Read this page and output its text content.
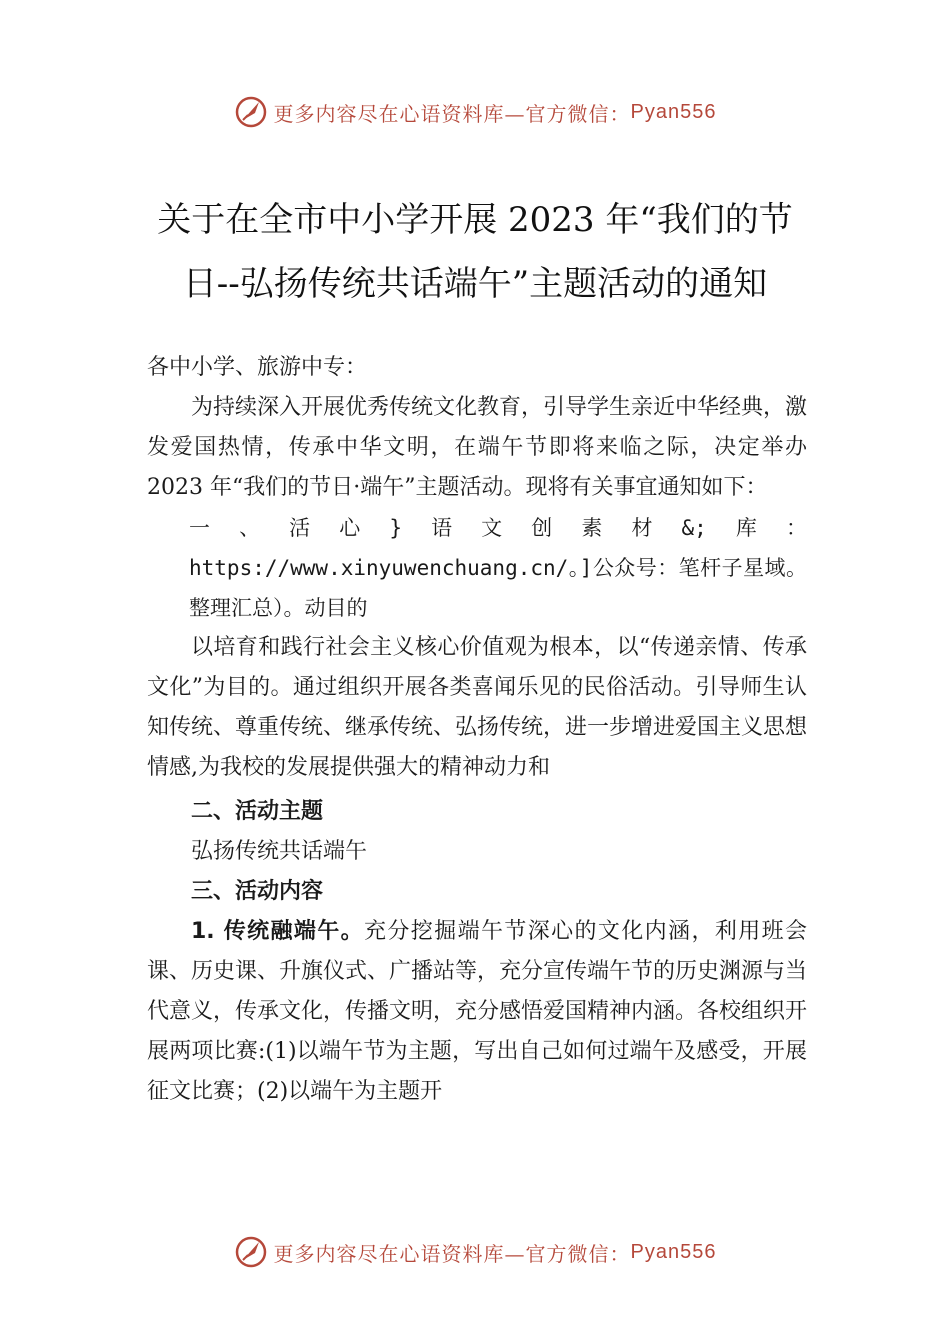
更多内容尽在心语资料库—官方微信： Pyan556
关于在全市中小学开展 2023 年“我们的节
日--弘扬传统共话端午”主题活动的通知

各中小学、旅游中专：

为持续深入开展优秀传统文化教育，引导学生亲近中华经典，激发爱国热情，传承中华文明，在端午节即将来临之际，决定举办 2023 年“我们的节日·端午”主题活动。现将有关事宜通知如下：

一、活心}语文创素材&;库：https://www.xinyuwenchuang.cn/。]公众号：笔杆子星域。整理汇总）。动目的

以培育和践行社会主义核心价值观为根本，以“传递亲情、传承文化”为目的。通过组织开展各类喜闻乐见的民俗活动。引导师生认知传统、尊重传统、继承传统、弘扬传统，进一步增进爱国主义思想情感,为我校的发展提供强大的精神动力和

二、活动主题

弘扬传统共话端午

三、活动内容

1. 传统融端午。充分挖掘端午节深心的文化内涵，利用班会课、历史课、升旗仪式、广播站等，充分宣传端午节的历史渊源与当代意义，传承文化，传播文明，充分感悟爱国精神内涵。各校组织开展两项比赛:(1)以端午节为主题，写出自己如何过端午及感受，开展征文比赛；(2)以端午为主题开

更多内容尽在心语资料库—官方微信： Pyan556
